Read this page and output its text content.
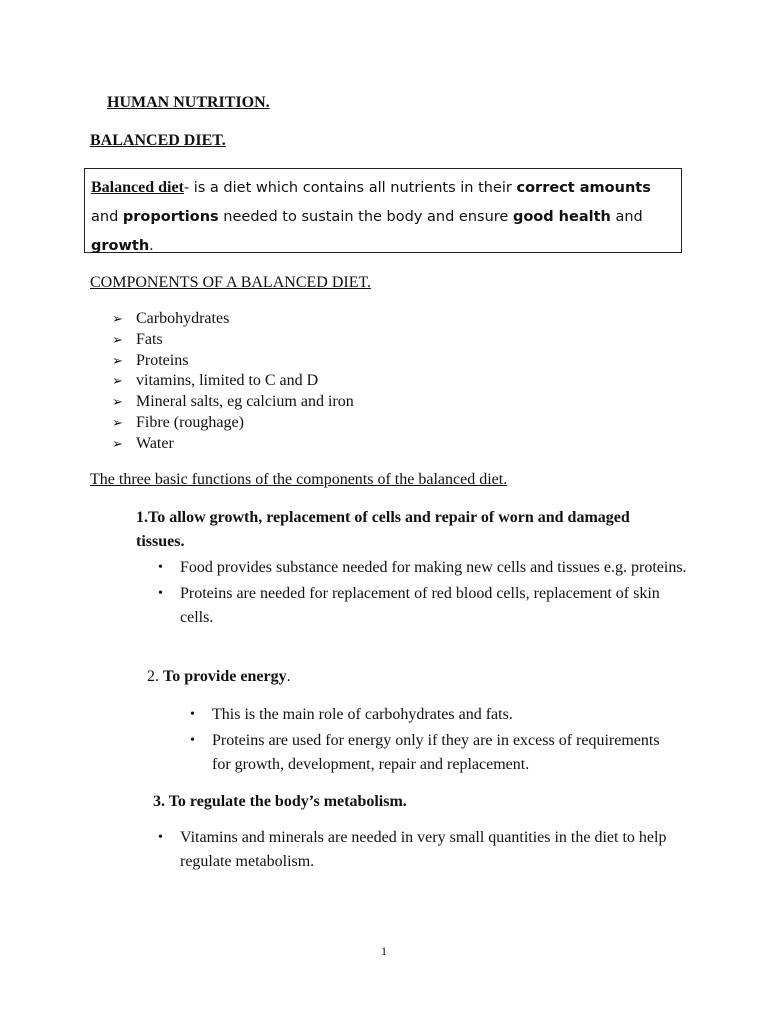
HUMAN NUTRITION.
BALANCED DIET.
Balanced diet- is a diet which contains all nutrients in their correct amounts and proportions needed to sustain the body and ensure good health and growth.
COMPONENTS OF A BALANCED DIET.
➢ Carbohydrates
➢ Fats
➢ Proteins
➢ vitamins, limited to C and D
➢ Mineral salts, eg calcium and iron
➢ Fibre (roughage)
➢ Water
The three basic functions of the components of the balanced diet.
1.To allow growth, replacement of cells and repair of worn and damaged tissues.
• Food provides substance needed for making new cells and tissues e.g. proteins.
• Proteins are needed for replacement of red blood cells, replacement of skin cells.
2. To provide energy.
• This is the main role of carbohydrates and fats.
• Proteins are used for energy only if they are in excess of requirements for growth, development, repair and replacement.
3. To regulate the body’s metabolism.
• Vitamins and minerals are needed in very small quantities in the diet to help regulate metabolism.
1
